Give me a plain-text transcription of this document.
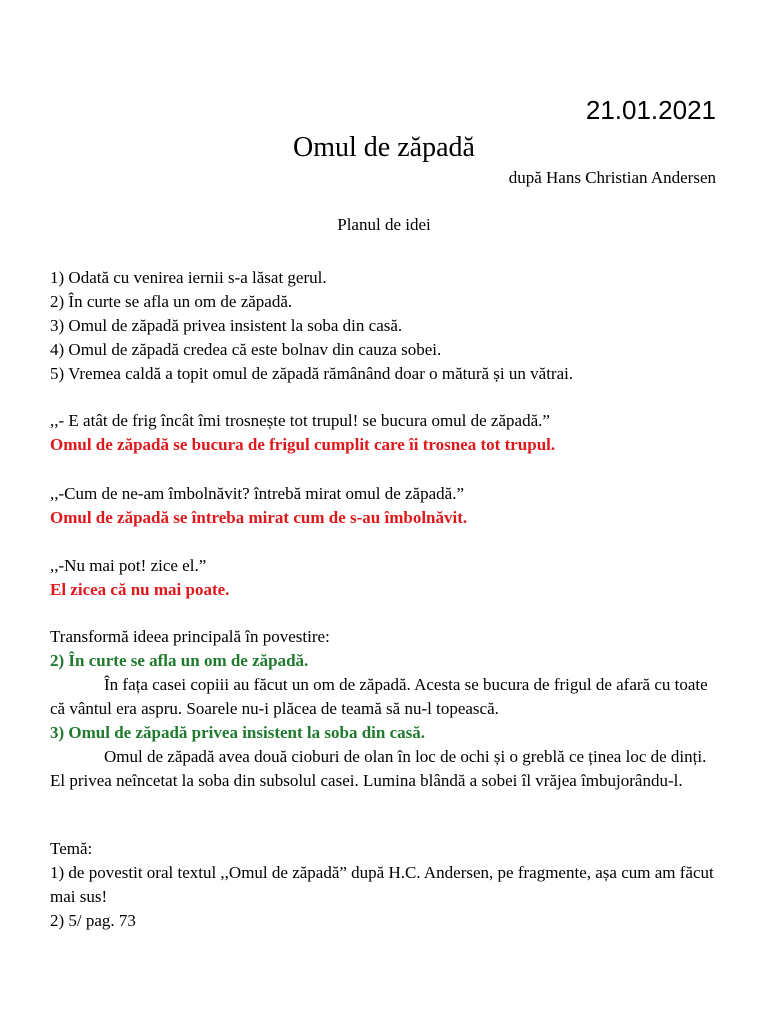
21.01.2021
Omul de zăpadă
după Hans Christian Andersen
Planul de idei
1) Odată cu venirea iernii s-a lăsat gerul.
2) În curte se afla un om de zăpadă.
3) Omul de zăpadă privea insistent la soba din casă.
4) Omul de zăpadă credea că este bolnav din cauza sobei.
5) Vremea caldă a topit omul de zăpadă rămânând doar o mătură și un vătrai.
,,- E atât de frig încât îmi trosnește tot trupul! se bucura omul de zăpadă.”
Omul de zăpadă se bucura de frigul cumplit care îi trosnea tot trupul.
,,-Cum de ne-am îmbolnăvit? întrebă mirat omul de zăpadă.”
Omul de zăpadă se întreba mirat cum de s-au îmbolnăvit.
,,-Nu mai pot! zice el.”
El zicea că nu mai poate.
Transformă ideea principală în povestire:
2) În curte se afla un om de zăpadă.
În fața casei copiii au făcut un om de zăpadă. Acesta se bucura de frigul de afară cu toate că vântul era aspru. Soarele nu-i plăcea de teamă să nu-l topească.
3) Omul de zăpadă privea insistent la soba din casă.
Omul de zăpadă avea două cioburi de olan în loc de ochi și o greblă ce ținea loc de dinți. El privea neîncetat la soba din subsolul casei. Lumina blândă a sobei îl vrăjea îmbujorându-l.
Temă:
1) de povestit oral textul ,,Omul de zăpadă” după H.C. Andersen, pe fragmente, așa cum am făcut mai sus!
2) 5/ pag. 73
